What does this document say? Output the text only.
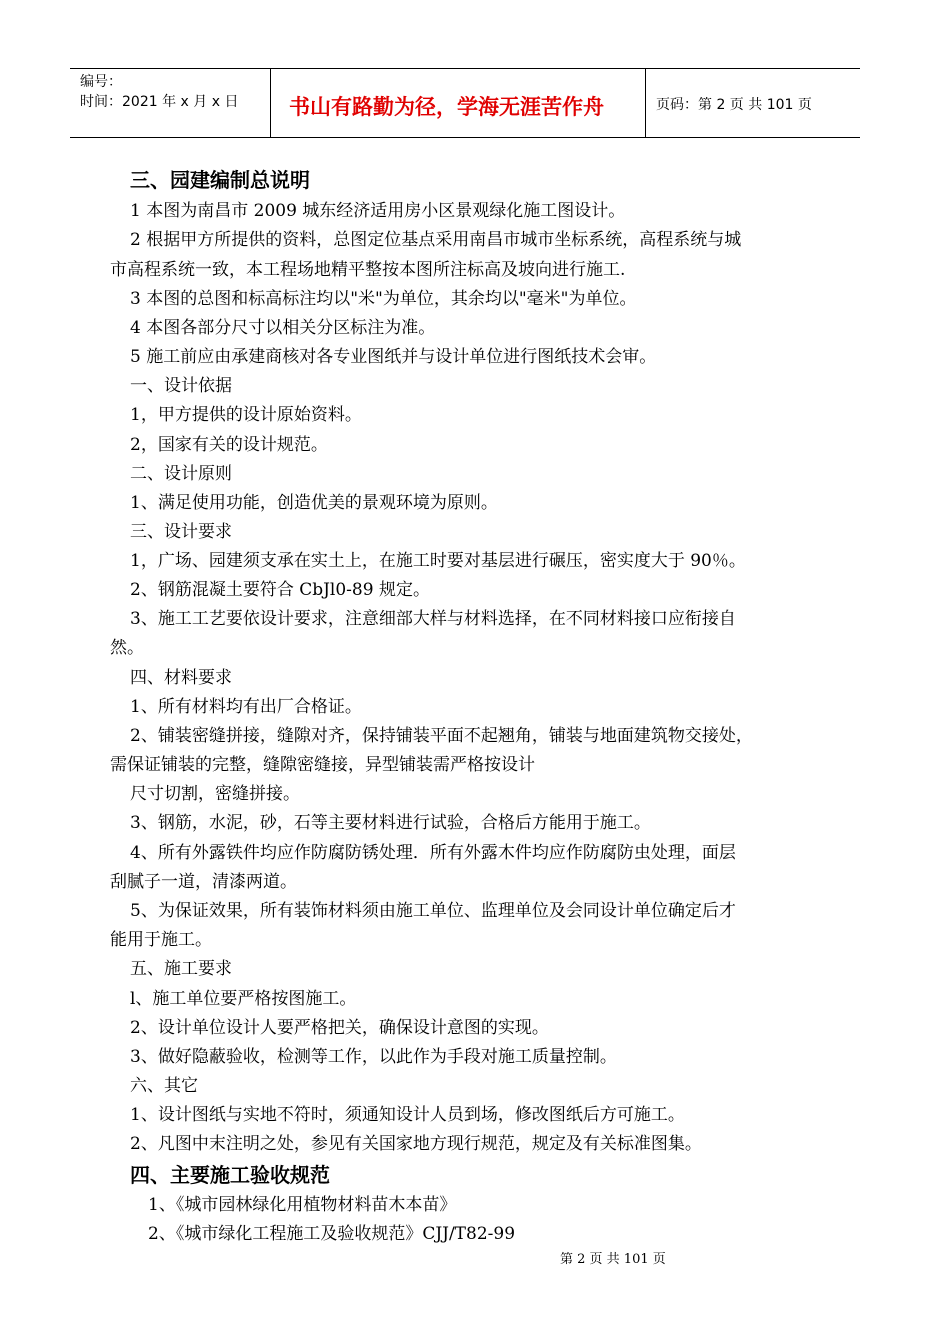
编号：
时间：2021 年 x 月 x 日 书山有路勤为径，学海无涯苦作舟	页码：第 2 页 共 101 页
三、园建编制总说明
1 本图为南昌市 2009 城东经济适用房小区景观绿化施工图设计。
2 根据甲方所提供的资料，总图定位基点采用南昌市城市坐标系统，高程系统与城
市高程系统一致，本工程场地精平整按本图所注标高及坡向进行施工.
3 本图的总图和标高标注均以"米"为单位，其余均以"毫米"为单位。
4 本图各部分尺寸以相关分区标注为准。
5 施工前应由承建商核对各专业图纸并与设计单位进行图纸技术会审。
一、设计依据
1，甲方提供的设计原始资料。
2，国家有关的设计规范。
二、设计原则
1、满足使用功能，创造优美的景观环境为原则。
三、设计要求
1，广场、园建须支承在实土上，在施工时要对基层进行碾压，密实度大于 90％。
2、钢筋混凝土要符合 CbJl0-89 规定。
3、施工工艺要依设计要求，注意细部大样与材料选择，在不同材料接口应衔接自
然。
四、材料要求
1、所有材料均有出厂合格证。
2、铺装密缝拼接，缝隙对齐，保持铺装平面不起翘角，铺装与地面建筑物交接处，
需保证铺装的完整，缝隙密缝接，异型铺装需严格按设计
尺寸切割，密缝拼接。
3、钢筋，水泥，砂，石等主要材料进行试验，合格后方能用于施工。
4、所有外露铁件均应作防腐防锈处理．所有外露木件均应作防腐防虫处理，面层
刮腻子一道，清漆两道。
5、为保证效果，所有装饰材料须由施工单位、监理单位及会同设计单位确定后才
能用于施工。
五、施工要求
l、施工单位要严格按图施工。
2、设计单位设计人要严格把关，确保设计意图的实现。
3、做好隐蔽验收，检测等工作，以此作为手段对施工质量控制。
六、其它
1、设计图纸与实地不符时，须通知设计人员到场，修改图纸后方可施工。
2、凡图中末注明之处，参见有关国家地方现行规范，规定及有关标准图集。
四、主要施工验收规范
1、《城市园林绿化用植物材料苗木本苗》
2、《城市绿化工程施工及验收规范》CJJ/T82-99
第 2 页 共 101 页
